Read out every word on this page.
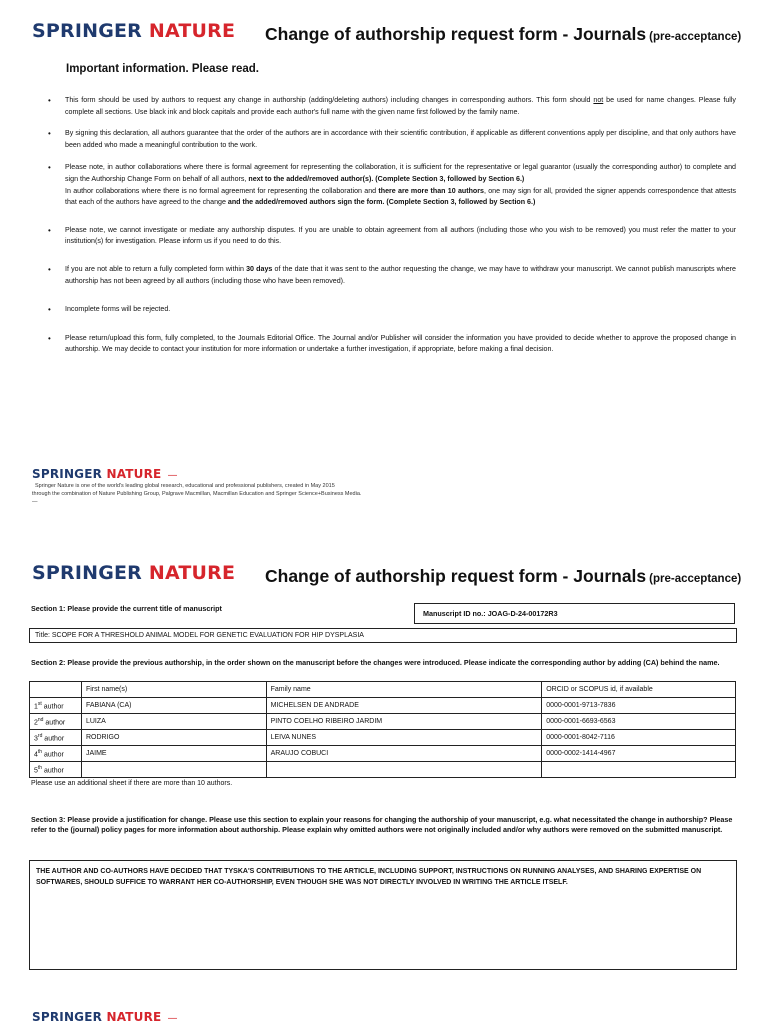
SPRINGER NATURE Change of authorship request form - Journals (pre-acceptance)
Important information. Please read.
• This form should be used by authors to request any change in authorship (adding/deleting authors) including changes in corresponding authors. This form should not be used for name changes. Please fully complete all sections. Use black ink and block capitals and provide each author's full name with the given name first followed by the family name.
• By signing this declaration, all authors guarantee that the order of the authors are in accordance with their scientific contribution, if applicable as different conventions apply per discipline, and that only authors have been added who made a meaningful contribution to the work.
• Please note, in author collaborations where there is formal agreement for representing the collaboration, it is sufficient for the representative or legal guarantor (usually the corresponding author) to complete and sign the Authorship Change Form on behalf of all authors, next to the added/removed author(s). (Complete Section 3, followed by Section 6.)
In author collaborations where there is no formal agreement for representing the collaboration and there are more than 10 authors, one may sign for all, provided the signer appends correspondence that attests that each of the authors have agreed to the change and the added/removed authors sign the form. (Complete Section 3, followed by Section 6.)
• Please note, we cannot investigate or mediate any authorship disputes. If you are unable to obtain agreement from all authors (including those who you wish to be removed) you must refer the matter to your institution(s) for investigation. Please inform us if you need to do this.
• If you are not able to return a fully completed form within 30 days of the date that it was sent to the author requesting the change, we may have to withdraw your manuscript. We cannot publish manuscripts where authorship has not been agreed by all authors (including those who have been removed).
• Incomplete forms will be rejected.
• Please return/upload this form, fully completed, to the Journals Editorial Office. The Journal and/or Publisher will consider the information you have provided to decide whether to approve the proposed change in authorship. We may decide to contact your institution for more information or undertake a further investigation, if appropriate, before making a final decision.
SPRINGER NATURE —
Springer Nature is one of the world's leading global research, educational and professional publishers, created in May 2015
through the combination of Nature Publishing Group, Palgrave Macmillan, Macmillan Education and Springer Science+Business Media.
—
SPRINGER NATURE Change of authorship request form - Journals (pre-acceptance)
Section 1: Please provide the current title of manuscript
Manuscript ID no.: JOAG-D-24-00172R3
Title: SCOPE FOR A THRESHOLD ANIMAL MODEL FOR GENETIC EVALUATION FOR HIP DYSPLASIA
Section 2: Please provide the previous authorship, in the order shown on the manuscript before the changes were introduced. Please indicate the corresponding author by adding (CA) behind the name.
	First name(s)	Family name	ORCID or SCOPUS id, if available
1st author	FABIANA (CA)	MICHELSEN DE ANDRADE	0000-0001-9713-7836
2nd author	LUIZA	PINTO COELHO RIBEIRO JARDIM	0000-0001-6693-6563
3rd author	RODRIGO	LEIVA NUNES	0000-0001-8042-7116
4th author	JAIME	ARAUJO COBUCI	0000-0002-1414-4967
5th author			
Please use an additional sheet if there are more than 10 authors.
Section 3: Please provide a justification for change. Please use this section to explain your reasons for changing the authorship of your manuscript, e.g. what necessitated the change in authorship? Please refer to the (journal) policy pages for more information about authorship. Please explain why omitted authors were not originally included and/or why authors were removed on the submitted manuscript.
THE AUTHOR AND CO-AUTHORS HAVE DECIDED THAT TYSKA'S CONTRIBUTIONS TO THE ARTICLE, INCLUDING SUPPORT, INSTRUCTIONS ON RUNNING ANALYSES, AND SHARING EXPERTISE ON SOFTWARES, SHOULD SUFFICE TO WARRANT HER CO-AUTHORSHIP, EVEN THOUGH SHE WAS NOT DIRECTLY INVOLVED IN WRITING THE ARTICLE ITSELF.
SPRINGER NATURE —
